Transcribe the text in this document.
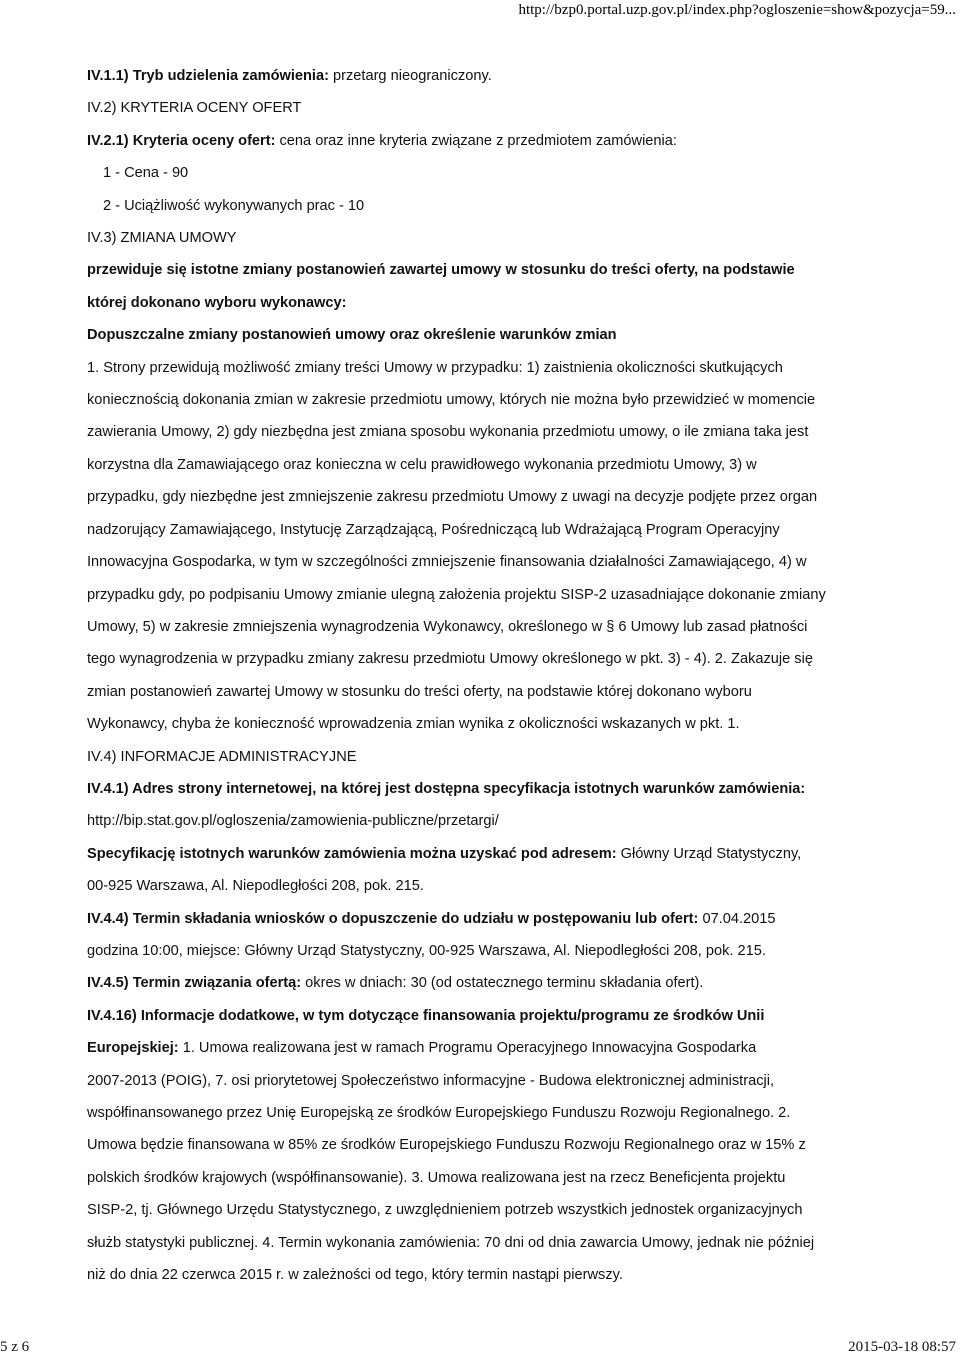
http://bzp0.portal.uzp.gov.pl/index.php?ogloszenie=show&pozycja=59...
IV.1.1) Tryb udzielenia zamówienia: przetarg nieograniczony.
IV.2) KRYTERIA OCENY OFERT
IV.2.1) Kryteria oceny ofert: cena oraz inne kryteria związane z przedmiotem zamówienia:
1 - Cena - 90
2 - Uciążliwość wykonywanych prac - 10
IV.3) ZMIANA UMOWY
przewiduje się istotne zmiany postanowień zawartej umowy w stosunku do treści oferty, na podstawie
której dokonano wyboru wykonawcy:
Dopuszczalne zmiany postanowień umowy oraz określenie warunków zmian
1. Strony przewidują możliwość zmiany treści Umowy w przypadku: 1) zaistnienia okoliczności skutkujących
koniecznością dokonania zmian w zakresie przedmiotu umowy, których nie można było przewidzieć w momencie
zawierania Umowy, 2) gdy niezbędna jest zmiana sposobu wykonania przedmiotu umowy, o ile zmiana taka jest
korzystna dla Zamawiającego oraz konieczna w celu prawidłowego wykonania przedmiotu Umowy, 3) w
przypadku, gdy niezbędne jest zmniejszenie zakresu przedmiotu Umowy z uwagi na decyzje podjęte przez organ
nadzorujący Zamawiającego, Instytucję Zarządzającą, Pośredniczącą lub Wdrażającą Program Operacyjny
Innowacyjna Gospodarka, w tym w szczególności zmniejszenie finansowania działalności Zamawiającego, 4) w
przypadku gdy, po podpisaniu Umowy zmianie ulegną założenia projektu SISP-2 uzasadniające dokonanie zmiany
Umowy, 5) w zakresie zmniejszenia wynagrodzenia Wykonawcy, określonego w § 6 Umowy lub zasad płatności
tego wynagrodzenia w przypadku zmiany zakresu przedmiotu Umowy określonego w pkt. 3) - 4). 2. Zakazuje się
zmian postanowień zawartej Umowy w stosunku do treści oferty, na podstawie której dokonano wyboru
Wykonawcy, chyba że konieczność wprowadzenia zmian wynika z okoliczności wskazanych w pkt. 1.
IV.4) INFORMACJE ADMINISTRACYJNE
IV.4.1) Adres strony internetowej, na której jest dostępna specyfikacja istotnych warunków zamówienia:
http://bip.stat.gov.pl/ogloszenia/zamowienia-publiczne/przetargi/
Specyfikację istotnych warunków zamówienia można uzyskać pod adresem: Główny Urząd Statystyczny,
00-925 Warszawa, Al. Niepodległości 208, pok. 215.
IV.4.4) Termin składania wniosków o dopuszczenie do udziału w postępowaniu lub ofert: 07.04.2015
godzina 10:00, miejsce: Główny Urząd Statystyczny, 00-925 Warszawa, Al. Niepodległości 208, pok. 215.
IV.4.5) Termin związania ofertą: okres w dniach: 30 (od ostatecznego terminu składania ofert).
IV.4.16) Informacje dodatkowe, w tym dotyczące finansowania projektu/programu ze środków Unii
Europejskiej: 1. Umowa realizowana jest w ramach Programu Operacyjnego Innowacyjna Gospodarka
2007-2013 (POIG), 7. osi priorytetowej Społeczeństwo informacyjne - Budowa elektronicznej administracji,
współfinansowanego przez Unię Europejską ze środków Europejskiego Funduszu Rozwoju Regionalnego. 2.
Umowa będzie finansowana w 85% ze środków Europejskiego Funduszu Rozwoju Regionalnego oraz w 15% z
polskich środków krajowych (współfinansowanie). 3. Umowa realizowana jest na rzecz Beneficjenta projektu
SISP-2, tj. Głównego Urzędu Statystycznego, z uwzględnieniem potrzeb wszystkich jednostek organizacyjnych
służb statystyki publicznej. 4. Termin wykonania zamówienia: 70 dni od dnia zawarcia Umowy, jednak nie później
niż do dnia 22 czerwca 2015 r. w zależności od tego, który termin nastąpi pierwszy.
5 z 6	2015-03-18 08:57
